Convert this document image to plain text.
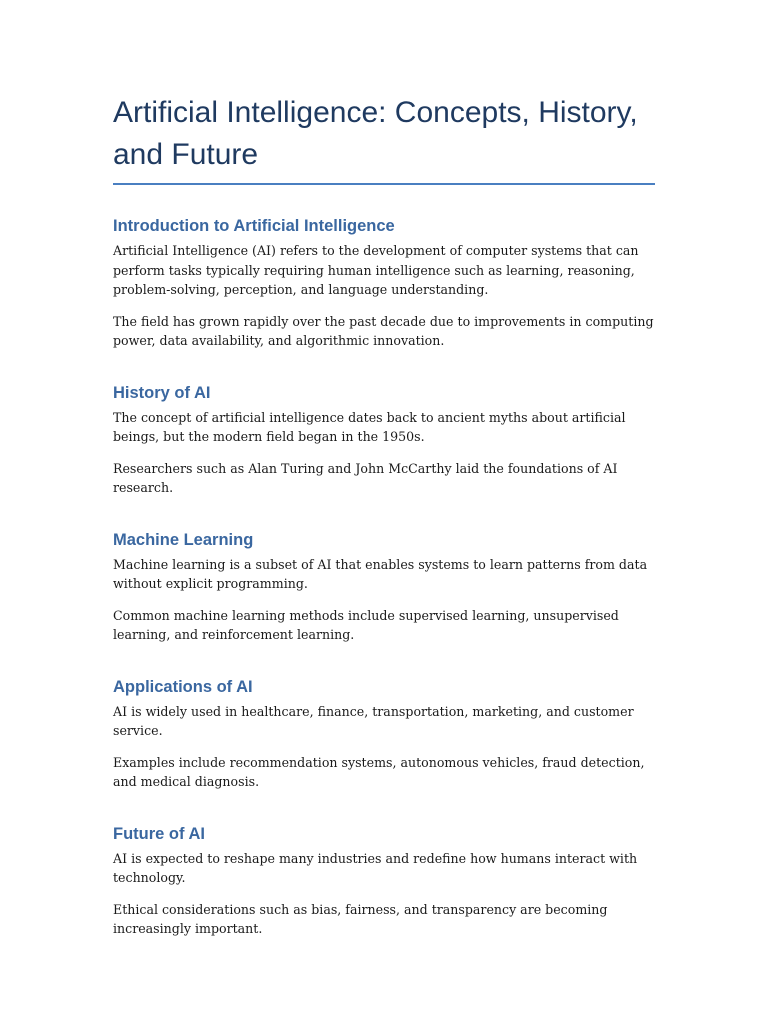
Artificial Intelligence: Concepts, History, and Future
Introduction to Artificial Intelligence

Artificial Intelligence (AI) refers to the development of computer systems that can perform tasks typically requiring human intelligence such as learning, reasoning, problem-solving, perception, and language understanding.

The field has grown rapidly over the past decade due to improvements in computing power, data availability, and algorithmic innovation.

History of AI

The concept of artificial intelligence dates back to ancient myths about artificial beings, but the modern field began in the 1950s.

Researchers such as Alan Turing and John McCarthy laid the foundations of AI research.

Machine Learning

Machine learning is a subset of AI that enables systems to learn patterns from data without explicit programming.

Common machine learning methods include supervised learning, unsupervised learning, and reinforcement learning.

Applications of AI

AI is widely used in healthcare, finance, transportation, marketing, and customer service.

Examples include recommendation systems, autonomous vehicles, fraud detection, and medical diagnosis.

Future of AI

AI is expected to reshape many industries and redefine how humans interact with technology.

Ethical considerations such as bias, fairness, and transparency are becoming increasingly important.
